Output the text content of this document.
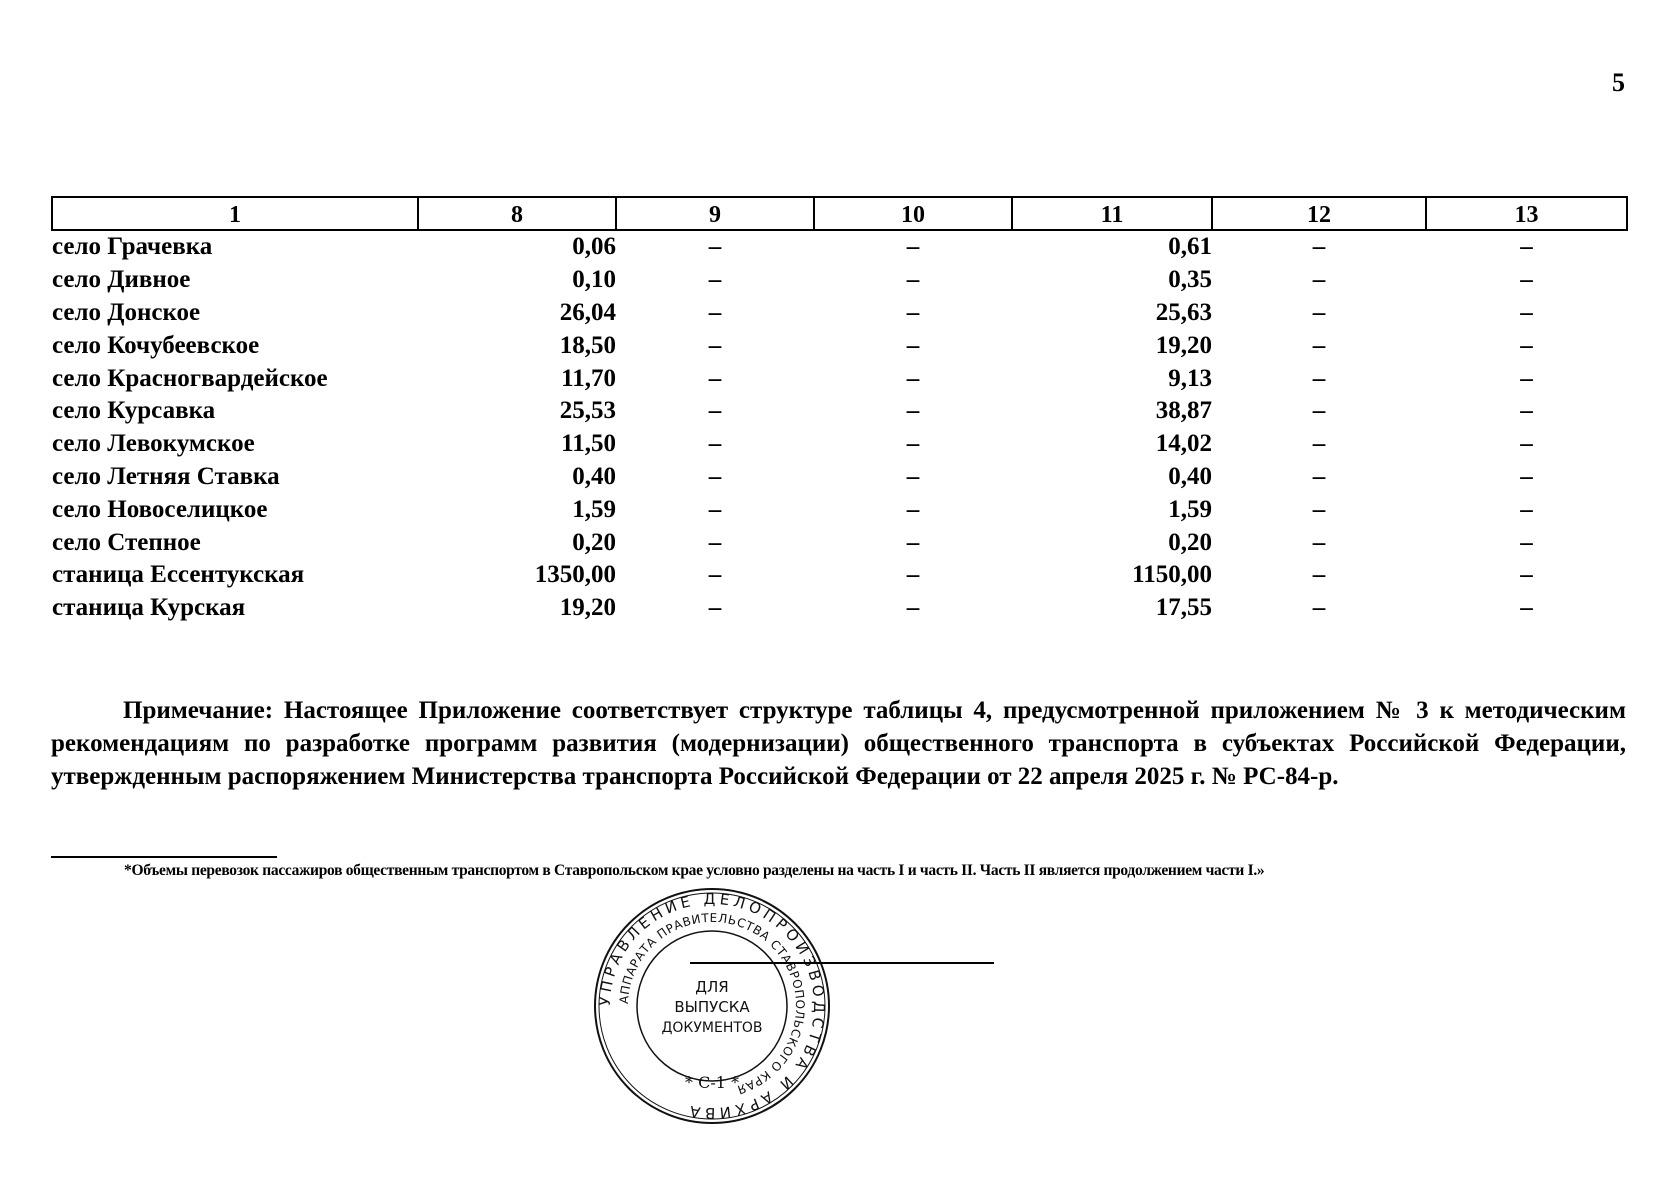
5
1	8	9	10	11	12	13
село Грачевка	0,06	–	–	0,61	–	–
село Дивное	0,10	–	–	0,35	–	–
село Донское	26,04	–	–	25,63	–	–
село Кочубеевское	18,50	–	–	19,20	–	–
село Красногвардейское	11,70	–	–	9,13	–	–
село Курсавка	25,53	–	–	38,87	–	–
село Левокумское	11,50	–	–	14,02	–	–
село Летняя Ставка	0,40	–	–	0,40	–	–
село Новоселицкое	1,59	–	–	1,59	–	–
село Степное	0,20	–	–	0,20	–	–
станица Ессентукская	1350,00	–	–	1150,00	–	–
станица Курская	19,20	–	–	17,55	–	–

Примечание: Настоящее Приложение соответствует структуре таблицы 4, предусмотренной приложением № 3 к методическим рекомендациям по разработке программ развития (модернизации) общественного транспорта в субъектах Российской Федерации, утвержденным распоряжением Министерства транспорта Российской Федерации от 22 апреля 2025 г. № РС-84-р.

*Объемы перевозок пассажиров общественным транспортом в Ставропольском крае условно разделены на часть I и часть II. Часть II является продолжением части I.»
УПРАВЛЕНИЕ ДЕЛОПРОИЗВОДСТВА И АРХИВА
АППАРАТА ПРАВИТЕЛЬСТВА СТАВРОПОЛЬСКОГО КРАЯ
ДЛЯ
ВЫПУСКА
ДОКУМЕНТОВ
* С-1 *
